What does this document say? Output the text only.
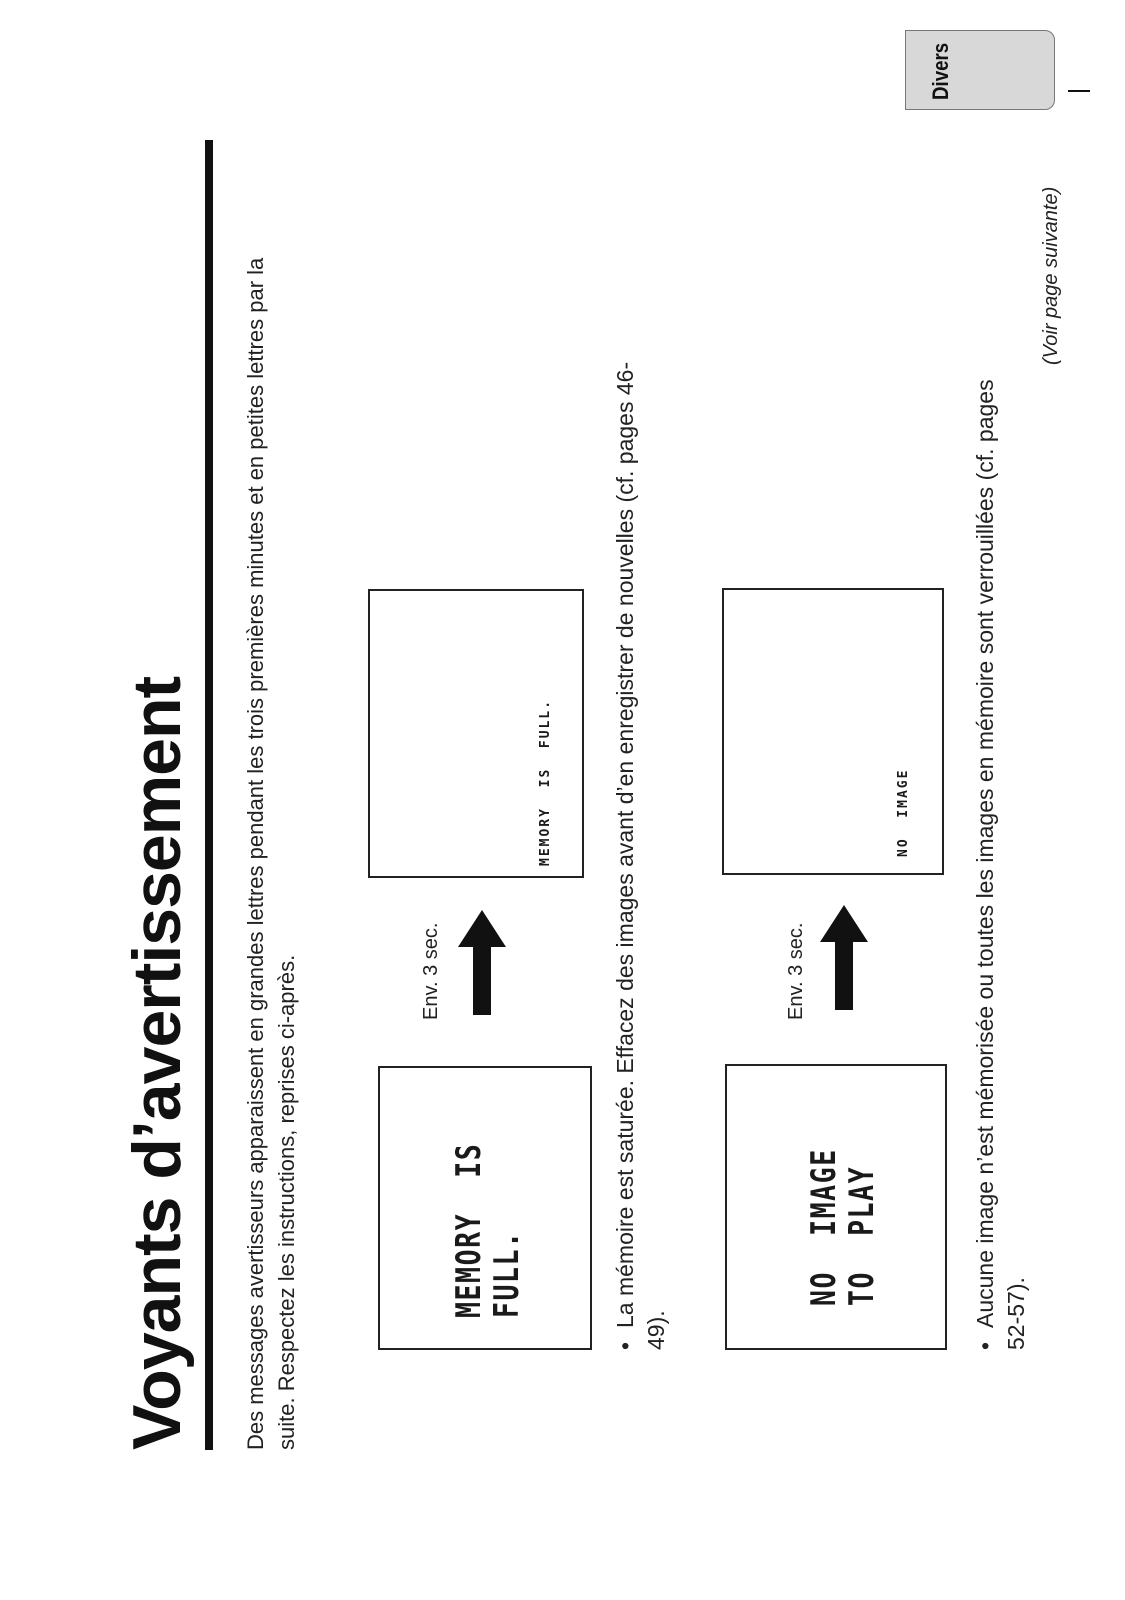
Voyants d’avertissement Des messages avertisseurs apparaissent en grandes lettres pendant les trois premières minutes et en petites lettres par la suite. Respectez les instructions, reprises ci-après.	MEMORY  IS
FULL.
Env. 3 sec.
MEMORY  IS  FULL.
•La mémoire est saturée. Effacez des images avant d’en enregistrer de nouvelles (cf. pages 46-49).
NO  IMAGE
TO  PLAY
Env. 3 sec.
NO  IMAGE
•Aucune image n’est mémorisée ou toutes les images en mémoire sont verrouillées (cf. pages 52-57).
Divers
(Voir page suivante)
